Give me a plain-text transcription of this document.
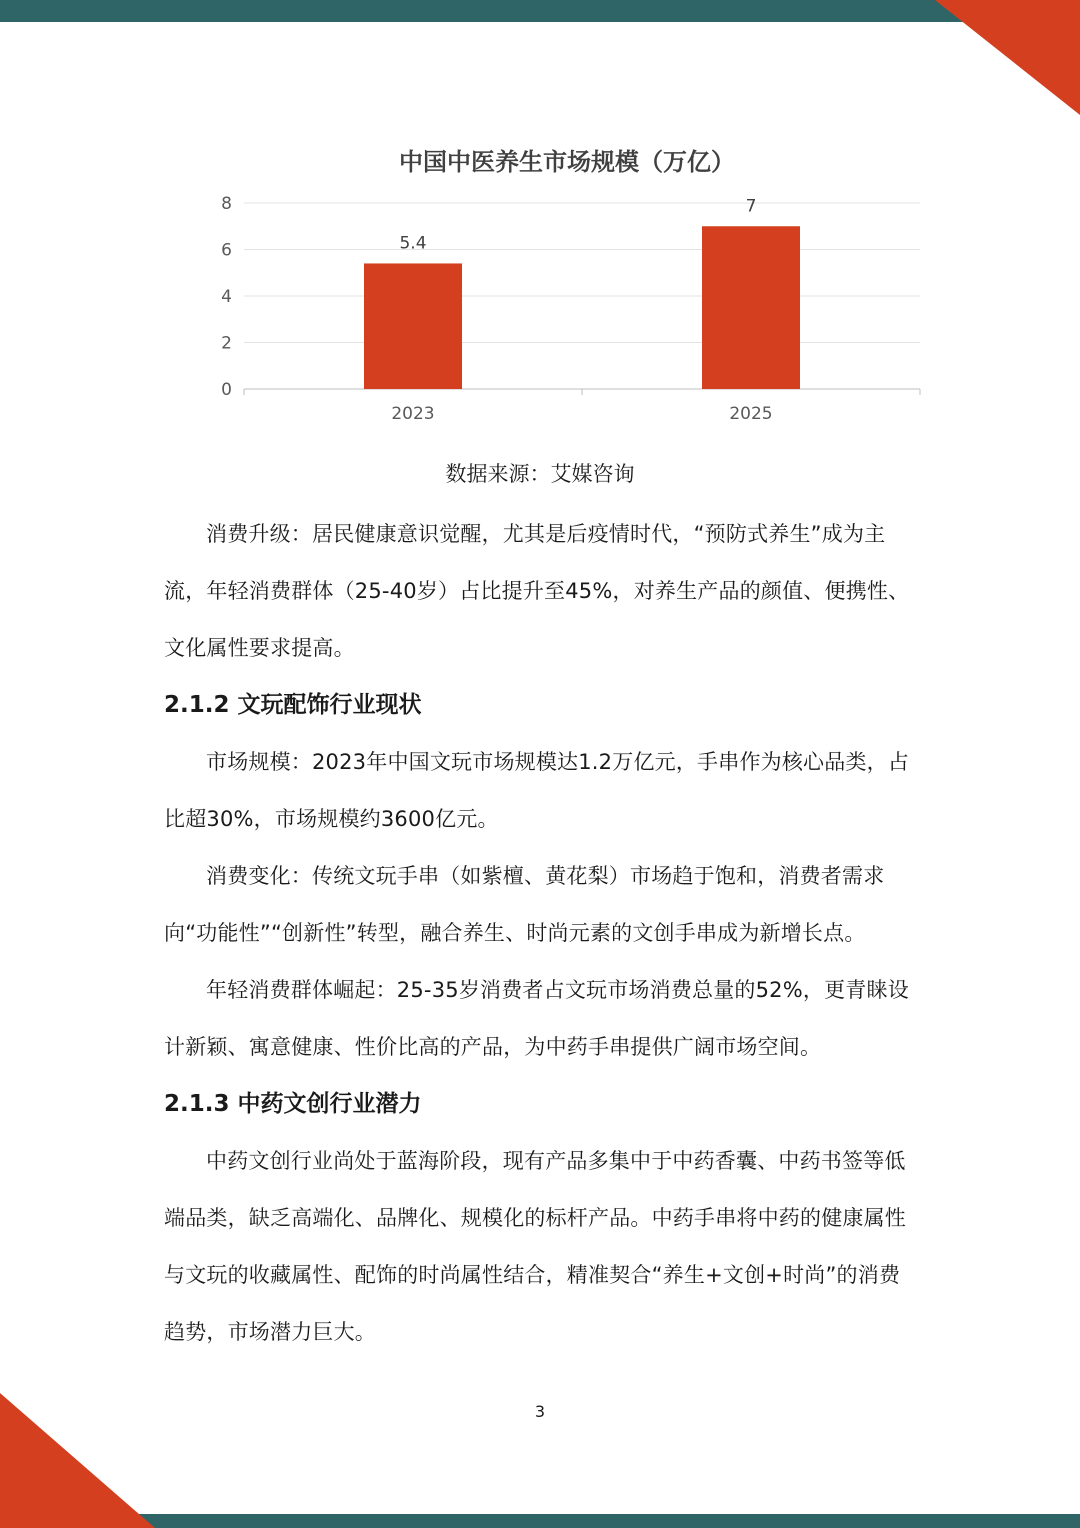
中国中医养生市场规模（万亿）
0
2
4
6
8
5.4
7
2023	2025
数据来源：艾媒咨询

消费升级：居民健康意识觉醒，尤其是后疫情时代，“预防式养生”成为主流，年轻消费群体（25-40岁）占比提升至45%，对养生产品的颜值、便携性、文化属性要求提高。

2.1.2 文玩配饰行业现状

市场规模：2023年中国文玩市场规模达1.2万亿元，手串作为核心品类，占比超30%，市场规模约3600亿元。

消费变化：传统文玩手串（如紫檀、黄花梨）市场趋于饱和，消费者需求向“功能性”“创新性”转型，融合养生、时尚元素的文创手串成为新增长点。

年轻消费群体崛起：25-35岁消费者占文玩市场消费总量的52%，更青睐设计新颖、寓意健康、性价比高的产品，为中药手串提供广阔市场空间。

2.1.3 中药文创行业潜力

中药文创行业尚处于蓝海阶段，现有产品多集中于中药香囊、中药书签等低端品类，缺乏高端化、品牌化、规模化的标杆产品。中药手串将中药的健康属性与文玩的收藏属性、配饰的时尚属性结合，精准契合“养生+文创+时尚”的消费趋势，市场潜力巨大。

3
